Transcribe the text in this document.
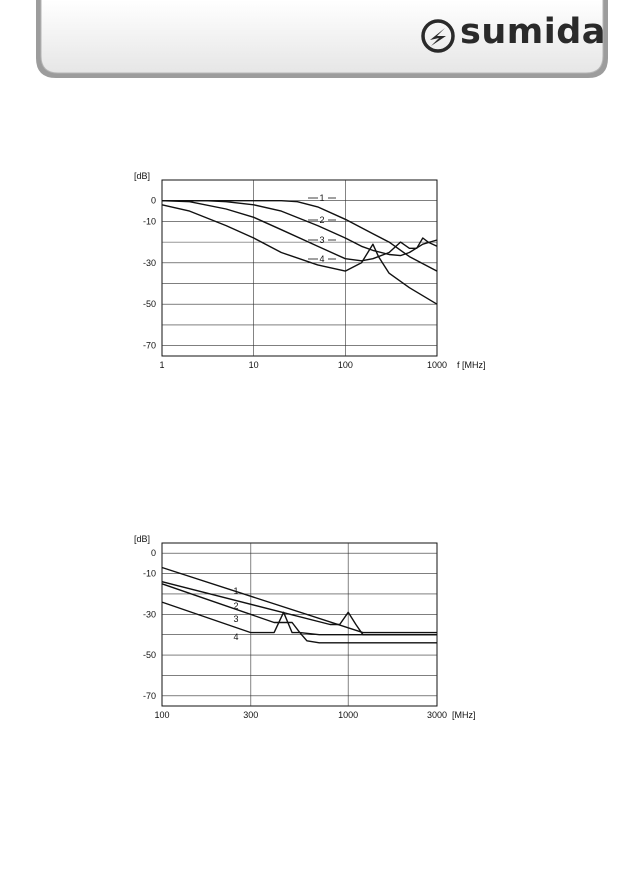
sumida
0
-10
-30
-50
-70
1	10	100	1000
[dB]
f [MHz]
1
2
3
4
0
-10
-30
-50
-70
100	300	1000	3000
[dB]
[MHz]
1
2
3
4
